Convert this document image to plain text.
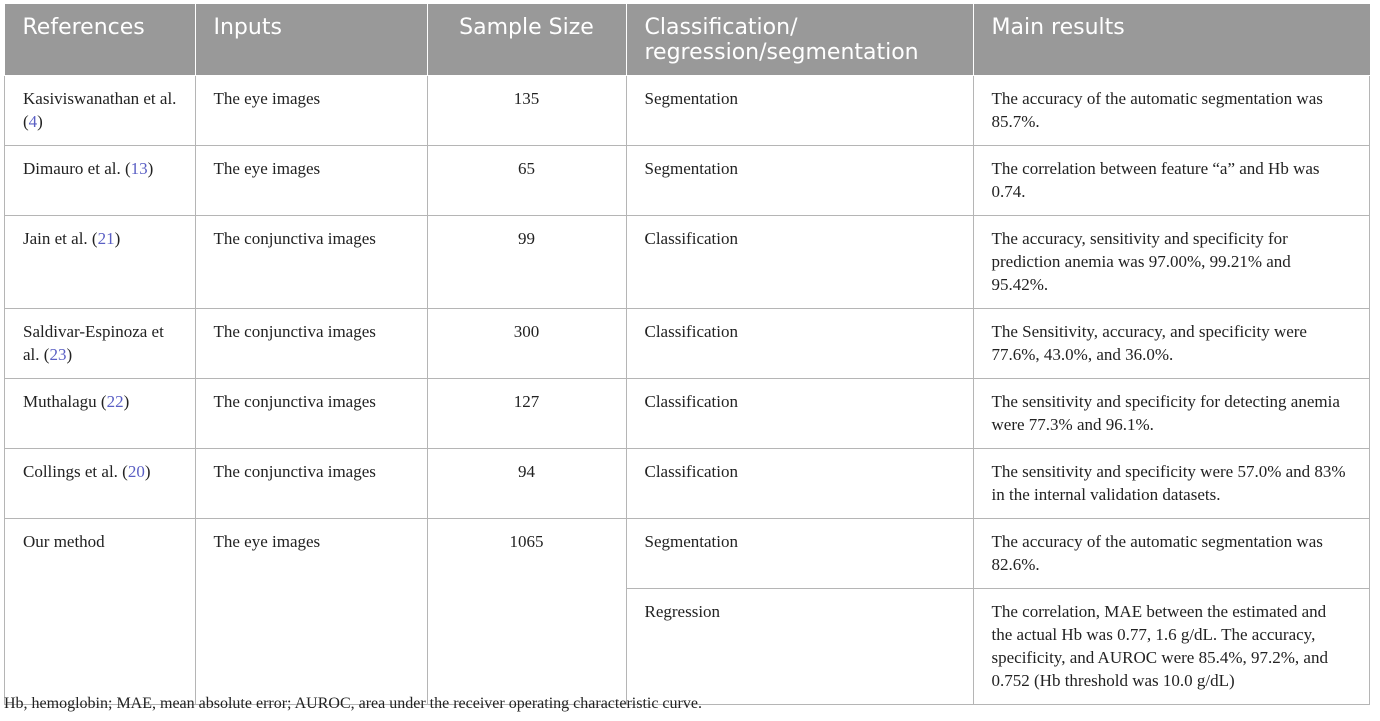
References	Inputs	Sample Size	Classification/ regression/segmentation	Main results
Kasiviswanathan et al. (4)	The eye images	135	Segmentation	The accuracy of the automatic segmentation was 85.7%.
Dimauro et al. (13)	The eye images	65	Segmentation	The correlation between feature “a” and Hb was 0.74.
Jain et al. (21)	The conjunctiva images	99	Classification	The accuracy, sensitivity and specificity for prediction anemia was 97.00%, 99.21% and 95.42%.
Saldivar-Espinoza et al. (23)	The conjunctiva images	300	Classification	The Sensitivity, accuracy, and specificity were 77.6%, 43.0%, and 36.0%.
Muthalagu (22)	The conjunctiva images	127	Classification	The sensitivity and specificity for detecting anemia were 77.3% and 96.1%.
Collings et al. (20)	The conjunctiva images	94	Classification	The sensitivity and specificity were 57.0% and 83% in the internal validation datasets.
Our method	The eye images	1065	Segmentation	The accuracy of the automatic segmentation was 82.6%.
			Regression	The correlation, MAE between the estimated and the actual Hb was 0.77, 1.6 g/dL. The accuracy, specificity, and AUROC were 85.4%, 97.2%, and 0.752 (Hb threshold was 10.0 g/dL)
Hb, hemoglobin; MAE, mean absolute error; AUROC, area under the receiver operating characteristic curve.
